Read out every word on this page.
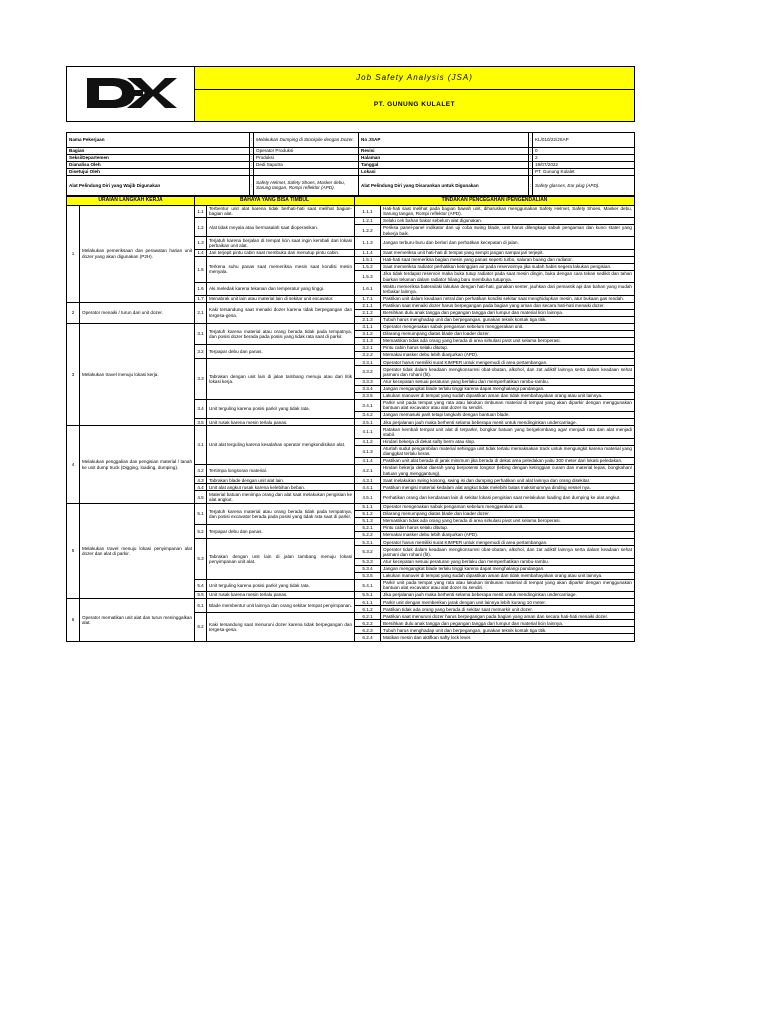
	Job Safety Analysis (JSA)
PT. GUNUNG KULALET
Nama Pekerjaan	:	Melakukan Dumping di Stockpile dengan Dozer.	No JSAP	:	KL/010/22/JSAP
Bagian	:	Operator Produksi	Revisi	:	0
Seksi/Departemen	:	Produksi	Halaman	:	2
Dianalisa Oleh	:	Dedi Saputra	Tanggal	:	19/07/2022
Disetujui Oleh	:		Lokasi	:	PT. Gunung Kulalet
Alat Pelindung Diri yang Wajib Digunakan	:	Safety Helmet, Safety Shoes, Masker debu, Sarung tangan, Rompi reflektor (APD).	Alat Pelindung Diri yang Disarankan untuk Digunakan	:	Safety glasses, Ear plug (APD).
URAIAN LANGKAH KERJA		BAHAYA YANG BISA TIMBUL		TINDAKAN PENCEGAHAN /PENGENDALIAN	
1	Melakukan pemeriksaan dan perawatan harian unit dozer yang akan digunakan (P2H).	1.1	Terbentur unit alat karena tidak berhati-hati saat melihat bagian-bagian alat.	1.1.1	Hati-hati saat melihat pada bagian bawah unit, diharuskan menggunakan Safety Helmet, Safety Shoes, Masker debu, Sarung tangan, Rompi reflektor (APD).
		1.2	Alat tidak meyala atau bermasalah saat dioperasikan.	1.2.1	Selalu cek bahan bakar sebelum alat digunakan.
				1.2.2	Periksa panel-panel indikator dan uji coba swing blade, unit harus dilengkapi sabuk pengaman dan kunci stater yang bekerja baik.
		1.3	Terjatuh karena berjalan di tempat licin saat ingin kembali dari lokasi perbaikan unit alat.	1.1.3	Jangan terburu-buru dan berlari dan perhatikan kecepatan di jalan.
		1.4	Jari terjepit pintu cabin saat membuka dan menutup pintu cabin.	1.1.4	Saat memeriksa unit hati-hati di tempat yang sempit jangan sampai jari terjepit.
		1.5	Terkena suhu panas saat memeriksa mesin saat kondisi mesin menyala.	1.5.1	Hati-hati saat memeriksa bagian mesin yang panas seperti turbo, saluran buang dan radiator.
				1.5.2	Saat memeriksa radiator perhatikan ketinggian air pada reservoirnya jika sudah habis segera lakukan pengisian.
				1.5.3	Jika tidak terdapat reservoir maka buka tutup radiator pada saat mesin dingin, buka dengan cara tekan sedikit dan tahan biarkan tekanan dalam radiator hilang baru membuka tutupnya.
		1.6	Aki meledak karena tekanan dan temperatur yang tinggi.	1.6.1	Waktu memeriksa baterai/aki lakukan dengan hati-hati, gunakan senter, jauhkan dari pemantik api dan bahan yang mudah terbakar lainnya.
		1.7	Menabrak unit lain atau material lain di sekitar unit excavator.	1.7.1	Pastikan unit dalam keadaan netral dan perhatikan kondisi sekitar saat menghidupkan mesin, atur bukaan gas rendah.
2	Operator menaiki / turun dari unit dozer.	2.1	Kaki tersandung saat menaiki dozer karena tidak berpegangan dan tergesa-gesa.	2.1.1	Pastikan saat menaiki dozer harus berpegangan pada bagian yang aman dan secara hati-hati menaiki dozer.
				2.1.2	Bersihkan dulu anak tangga dan pegangan tangga dari lumpur dan material licin lainnya.
				2.1.3	Tubuh harus menghadap unit dan berpegangan, gunakan teknik kontak tiga titik.
3	Melakukan travel menuju lokasi kerja.	3.1	Terjatuh karena material atau orang berada tidak pada tempatnya, dan posisi dozer berada pada posisi yang tidak rata saat di parkir.	3.1.1	Operator mengenakan sabuk pengaman sebelum menggerakan unit.
				3.1.2	Dilarang menumpang diatas blade dan loader dozer.
				3.1.3	Memastikan tidak ada orang yang berada di area sirkulasi pivot unit selama beroperasi.
		3.2	Terpapar debu dan panas.	3.2.1	Pintu cabin harus selalu ditutup.
				3.2.2	Memakai masker debu lebih dianjurkan (APD).
		3.3	Tabrakan dengan unit lain di jalan tambang menuju atau dari titik lokasi kerja.	3.3.1	Operator harus memiliki surat KIMPER untuk mengemudi di area pertambangan.
				3.3.2	Operator tidak dalam keadaan mengkonsumsi obat-obatan, alkohol, dan zat adiktif lainnya serta dalam keadaan sehat jasmani dan rohani (fit).
				3.3.3	Atur kecepatan sesuai peraturan yang berlaku dan memperhatikan rambu-rambu.
				3.3.4	Jangan mengangkat blade terlalu tinggi karena dapat menghalangi pandangan.
				3.3.5	Lakukan manuver di tempat yang sudah dipastikan aman dan tidak membahayakan orang atau unit lainnya.
		3.4	Unit terguling karena posisi parkir yang tidak rata.	3.4.1	Parkir unit pada tempat yang rata atau lakukan timbunan material di tempat yang akan diparkir dengan menggunakan bantuan alat excavator atau alat dozer itu sendiri.
				3.4.2	Jangan memasuki parit tetapi langkahi dengan bantuan blade.
		3.5	Unit rusak karena mesin terlalu panas.	3.5.1	Jika perjalanan jauh maka berhenti selama beberapa menit untuk mendinginkan undercarriage.
4	Melakukan penggalian dan pengisian material / tanah ke unit dump truck (Digging, loading, dumping).	4.1	Unit alat terguling karena kesalahan operator mengkondisikan alat.	4.1.1	Ratakan kembali tempat unit alat di terparkir, bongkar batuan yang bergelombang agar menjadi rata dan alat menjadi stabil.
				4.1.2	Hindari bekerja di dekat safty berm atau slop.
				4.1.3	Aturlah sudut pengambilan material sehingga unit tidak terlalu memaksakan track untuk mengungkit karena material yang dianggkat terlalu keras.
				4.1.4	Pastikan unit alat berada di jarak minimum jika berada di dekat area peledakan yaitu 300 meter dari lokasi peledakan.
		4.2	Tertimpa longsoran material.	4.2.1	Hindari bekerja dekat daerah yang berpotensi longsor (lebing dengan ketinggian curam dan material lepas, bongkahan/ batuan yang menggantung).
		4.3	Tabrakan blade dengan unit alat lain.	4.3.1	Saat melakukan swing kosong, swing isi dan dumping perhatikan unit alat lainnya dan orang disekitar.
		4.4	Unit alat angkut rusak karena kelebihan beban.	4.4.1	Pastikan mengisi material kedalam alat angkut tidak melebihi batas maksimumnya dinding vessel nya.
		4.5	Material batuan menimpa orang dan alat saat melakukan pengisian ke alat angkut.	4.5.1	Perhatikan orang dan kendaraan lain di sekitar lokasi pengisian saat melakukan loading dan dumping ke alat angkut.
5	Melakukan travel menuju lokasi penyimpanan alat dozer dan alat di parkir.	5.1	Terjatuh karena material atau orang berada tidak pada tempatnya, dan posisi excavator berada pada posisi yang tidak rata saat di parkir.	5.1.1	Operator mengenakan sabuk pengaman sebelum menggerakan unit.
				5.1.2	Dilarang menumpang diatas blade dan loader dozer.
				5.1.3	Memastikan tidak ada orang yang berada di area sirkulasi pivot unit selama beroperasi.
		5.2	Terpapar debu dan panas.	5.2.1	Pintu cabin harus selalu ditutup.
				5.2.2	Memakai masker debu lebih dianjurkan (APD).
		5.3	Tabrakan dengan unit lain di jalan tambang menuju lokasi penyimpanan unit alat.	5.3.1	Operator harus memiliki surat KIMPER untuk mengemudi di area pertambangan.
				5.3.2	Operator tidak dalam keadaan mengkonsumsi obat-obatan, alkohol, dan zat adiktif lainnya serta dalam keadaan sehat jasmani dan rohani (fit).
				5.3.3	Atur kecepatan sesuai peraturan yang berlaku dan memperhatikan rambu-rambu.
				5.3.4	Jangan mengangkat blade terlalu tinggi karena dapat menghalangi pandangan.
				5.3.5	Lakukan manuver di tempat yang sudah dipastikan aman dan tidak membahayakan orang atau unit lainnya.
		5.4	Unit terguling karena posisi parkir yang tidak rata.	5.4.1	Parkir unit pada tempat yang rata atau lakukan timbunan material di tempat yang akan diparkir dengan menggunakan bantuan alat excavator atau alat dozer itu sendiri.
		5.5	Unit rusak karena mesin terlalu panas.	5.5.1	Jika perjalanan jauh maka berhenti selama beberapa menit untuk mendinginkan undercarriage.
6	Operator mematikan unit alat dan turun meninggalkan alat.	6.1	Blade membentur unit lainnya dan orang sekitar tempat penyimpanan.	6.1.1	Parkir unit dengan memberikan jarak dengan unit lainnya lebih kurang 10 meter.
				6.1.2	Pastikan tidak ada orang yang berada di sekitar saat memarkir unit dozer.
		6.2	Kaki tersandung saat menuruni dozer karena tidak berpegangan dan tergesa-gesa.	6.2.1	Pastikan saat menuruni dozer harus berpegangan pada bagian yang aman dan secara hati-hati menaiki dozer.
				6.2.2	Bersihkan dulu anak tangga dan pegangan tangga dari lumpur dan material licin lainnya.
				6.2.3	Tubuh harus menghadap unit dan berpegangan, gunakan teknik kontak tiga titik.
				6.2.4	Matikan mesin dan aktifkan safty lock lever.
